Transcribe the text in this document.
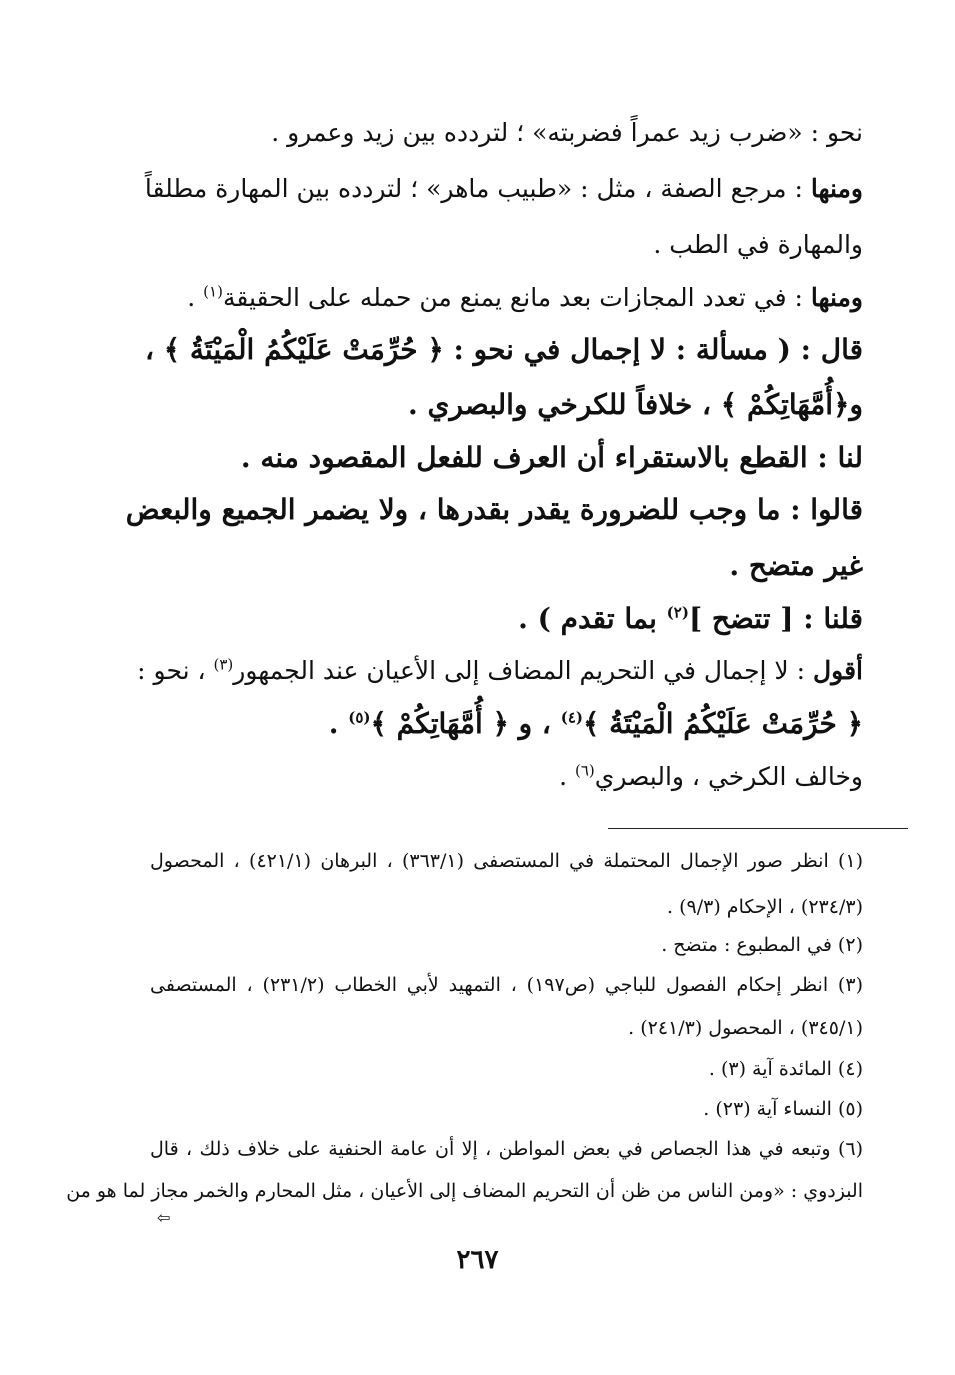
نحو : «ضرب زيد عمراً فضربته» ؛ لتردده بين زيد وعمرو .
ومنها : مرجع الصفة ، مثل : «طبيب ماهر» ؛ لتردده بين المهارة مطلقاً
والمهارة في الطب .
ومنها : في تعدد المجازات بعد مانع يمنع من حمله على الحقيقة$^{(١)}$ .
قال : ( مسألة : لا إجمال في نحو : ﴿ حُرِّمَتْ عَلَيْكُمُ الْمَيْتَةُ ﴾ ،
و﴿أُمَّهَاتِكُمْ ﴾ ، خلافاً للكرخي والبصري .
لنا : القطع بالاستقراء أن العرف للفعل المقصود منه .
قالوا : ما وجب للضرورة يقدر بقدرها ، ولا يضمر الجميع والبعض
غير متضح .
قلنا : [ تتضح ]$^{(٢)}$ بما تقدم ) .
أقول : لا إجمال في التحريم المضاف إلى الأعيان عند الجمهور$^{(٣)}$ ، نحو :
﴿ حُرِّمَتْ عَلَيْكُمُ الْمَيْتَةُ ﴾$^{(٤)}$ ، و ﴿ أُمَّهَاتِكُمْ ﴾$^{(٥)}$ .
وخالف الكرخي ، والبصري$^{(٦)}$ .
(١) انظر صور الإجمال المحتملة في المستصفى (٣٦٣/١) ، البرهان (٤٢١/١) ، المحصول
(٢٣٤/٣) ، الإحكام (٩/٣) .
(٢) في المطبوع : متضح .
(٣) انظر إحكام الفصول للباجي (ص١٩٧) ، التمهيد لأبي الخطاب (٢٣١/٢) ، المستصفى
(٣٤٥/١) ، المحصول (٢٤١/٣) .
(٤) المائدة آية (٣) .
(٥) النساء آية (٢٣) .
(٦) وتبعه في هذا الجصاص في بعض المواطن ، إلا أن عامة الحنفية على خلاف ذلك ، قال
البزدوي : «ومن الناس من ظن أن التحريم المضاف إلى الأعيان ، مثل المحارم والخمر مجاز لما هو من
⇦
٢٦٧
